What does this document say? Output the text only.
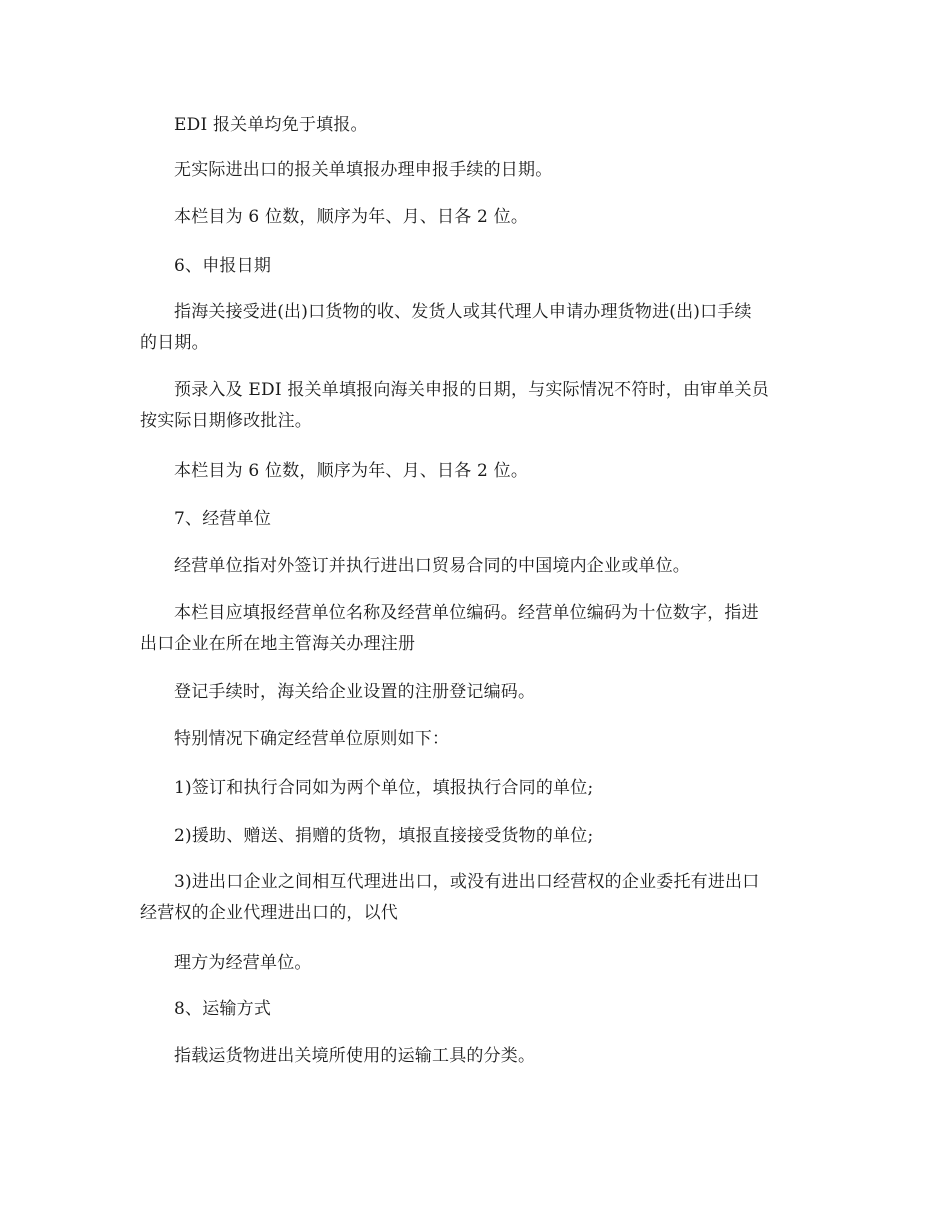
EDI 报关单均免于填报。

无实际进出口的报关单填报办理申报手续的日期。

本栏目为 6 位数，顺序为年、月、日各 2 位。

6、申报日期

指海关接受进(出)口货物的收、发货人或其代理人申请办理货物进(出)口手续
的日期。

预录入及 EDI 报关单填报向海关申报的日期，与实际情况不符时，由审单关员
按实际日期修改批注。

本栏目为 6 位数，顺序为年、月、日各 2 位。

7、经营单位

经营单位指对外签订并执行进出口贸易合同的中国境内企业或单位。

本栏目应填报经营单位名称及经营单位编码。经营单位编码为十位数字，指进
出口企业在所在地主管海关办理注册

登记手续时，海关给企业设置的注册登记编码。

特别情况下确定经营单位原则如下：

1)签订和执行合同如为两个单位，填报执行合同的单位;

2)援助、赠送、捐赠的货物，填报直接接受货物的单位;

3)进出口企业之间相互代理进出口，或没有进出口经营权的企业委托有进出口
经营权的企业代理进出口的，以代

理方为经营单位。

8、运输方式

指载运货物进出关境所使用的运输工具的分类。
